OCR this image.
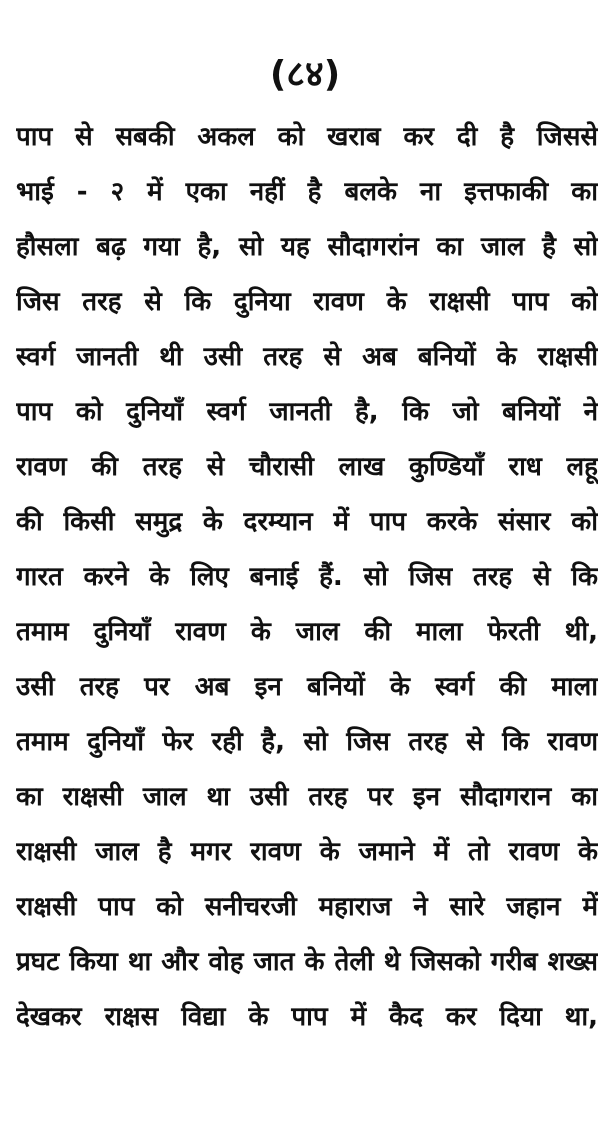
(८४)
पाप से सबकी अकल को खराब कर दी है जिससे
भाई - २ में एका नहीं है बलके ना इत्तफाकी का
हौसला बढ़ गया है, सो यह सौदागरांन का जाल है सो
जिस तरह से कि दुनिया रावण के राक्षसी पाप को
स्वर्ग जानती थी उसी तरह से अब बनियों के राक्षसी
पाप को दुनियाँ स्वर्ग जानती है, कि जो बनियों ने
रावण की तरह से चौरासी लाख कुण्डियाँ राध लहू
की किसी समुद्र के दरम्यान में पाप करके संसार को
गारत करने के लिए बनाई हैं. सो जिस तरह से कि
तमाम दुनियाँ रावण के जाल की माला फेरती थी,
उसी तरह पर अब इन बनियों के स्वर्ग की माला
तमाम दुनियाँ फेर रही है, सो जिस तरह से कि रावण
का राक्षसी जाल था उसी तरह पर इन सौदागरान का
राक्षसी जाल है मगर रावण के जमाने में तो रावण के
राक्षसी पाप को सनीचरजी महाराज ने सारे जहान में
प्रघट किया था और वोह जात के तेली थे जिसको गरीब शख्स
देखकर राक्षस विद्या के पाप में कैद कर दिया था,
